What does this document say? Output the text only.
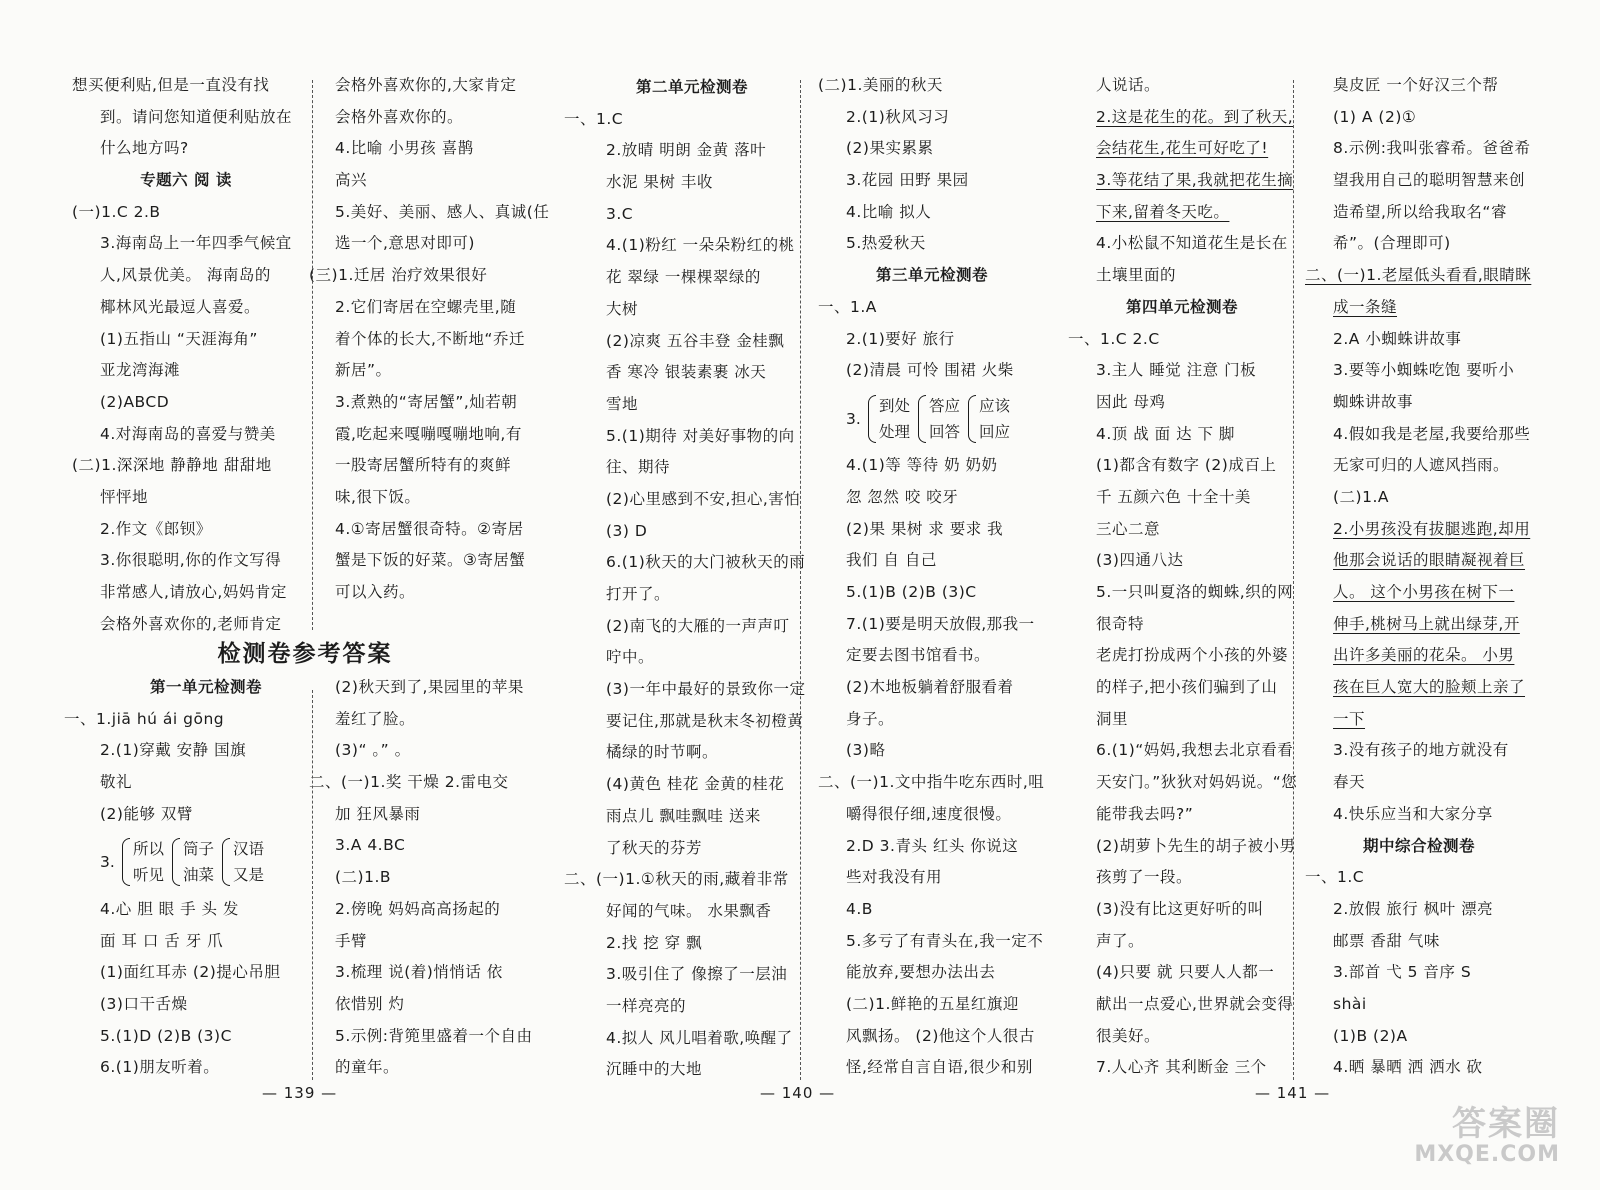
想买便利贴,但是一直没有找
到。请问您知道便利贴放在
什么地方吗?
专题六 阅 读
(一)1.C 2.B
3.海南岛上一年四季气候宜
人,风景优美。 海南岛的
椰林风光最逗人喜爱。
(1)五指山 “天涯海角”
亚龙湾海滩
(2)ABCD
4.对海南岛的喜爱与赞美
(二)1.深深地 静静地 甜甜地
怦怦地
2.作文《郎钡》
3.你很聪明,你的作文写得
非常感人,请放心,妈妈肯定
会格外喜欢你的,老师肯定
会格外喜欢你的,大家肯定
会格外喜欢你的。
4.比喻 小男孩 喜鹊
高兴
5.美好、美丽、感人、真诚(任
选一个,意思对即可)
(三)1.迁居 治疗效果很好
2.它们寄居在空螺壳里,随
着个体的长大,不断地“乔迁
新居”。
3.煮熟的“寄居蟹”,灿若朝
霞,吃起来嘎嘣嘎嘣地响,有
一股寄居蟹所特有的爽鲜
味,很下饭。
4.①寄居蟹很奇特。②寄居
蟹是下饭的好菜。③寄居蟹
可以入药。
检测卷参考答案
第一单元检测卷
一、1.jiā hú ái gōng
2.(1)穿戴 安静 国旗
敬礼
(2)能够 双臂
3.
所以
听见
筒子
油菜
汉语
又是
4.心 胆 眼 手 头 发
面 耳 口 舌 牙 爪
(1)面红耳赤 (2)提心吊胆
(3)口干舌燥
5.(1)D (2)B (3)C
6.(1)朋友听着。
(2)秋天到了,果园里的苹果
羞红了脸。
(3)“ 。” 。
二、(一)1.奖 干燥 2.雷电交
加 狂风暴雨
3.A 4.BC
(二)1.B
2.傍晚 妈妈高高扬起的
手臂
3.梳理 说(着)悄悄话 依
依惜别 灼
5.示例:背篼里盛着一个自由
的童年。
第二单元检测卷
一、1.C
2.放晴 明朗 金黄 落叶
水泥 果树 丰收
3.C
4.(1)粉红 一朵朵粉红的桃
花 翠绿 一棵棵翠绿的
大树
(2)凉爽 五谷丰登 金桂飘
香 寒冷 银装素裹 冰天
雪地
5.(1)期待 对美好事物的向
往、期待
(2)心里感到不安,担心,害怕
(3) D
6.(1)秋天的大门被秋天的雨
打开了。
(2)南飞的大雁的一声声叮
咛中。
(3)一年中最好的景致你一定
要记住,那就是秋末冬初橙黄
橘绿的时节啊。
(4)黄色 桂花 金黄的桂花
雨点儿 飘哇飘哇 送来
了秋天的芬芳
二、(一)1.①秋天的雨,藏着非常
好闻的气味。 水果飘香
2.找 挖 穿 飘
3.吸引住了 像擦了一层油
一样亮亮的
4.拟人 风儿唱着歌,唤醒了
沉睡中的大地
(二)1.美丽的秋天
2.(1)秋风习习
(2)果实累累
3.花园 田野 果园
4.比喻 拟人
5.热爱秋天
第三单元检测卷
一、1.A
2.(1)要好 旅行
(2)清晨 可怜 围裙 火柴
3.
到处
处理
答应
回答
应该
回应
4.(1)等 等待 奶 奶奶
忽 忽然 咬 咬牙
(2)果 果树 求 要求 我
我们 自 自己
5.(1)B (2)B (3)C
7.(1)要是明天放假,那我一
定要去图书馆看书。
(2)木地板躺着舒服看着
身子。
(3)略
二、(一)1.文中指牛吃东西时,咀
嚼得很仔细,速度很慢。
2.D 3.青头 红头 你说这
些对我没有用
4.B
5.多亏了有青头在,我一定不
能放弃,要想办法出去
(二)1.鲜艳的五星红旗迎
风飘扬。 (2)他这个人很古
怪,经常自言自语,很少和别
人说话。
2.这是花生的花。到了秋天,
会结花生,花生可好吃了!
3.等花结了果,我就把花生摘
下来,留着冬天吃。
4.小松鼠不知道花生是长在
土壤里面的
第四单元检测卷
一、1.C 2.C
3.主人 睡觉 注意 门板
因此 母鸡
4.顶 战 面 达 下 脚
(1)都含有数字 (2)成百上
千 五颜六色 十全十美
三心二意
(3)四通八达
5.一只叫夏洛的蜘蛛,织的网
很奇特
老虎打扮成两个小孩的外婆
的样子,把小孩们骗到了山
洞里
6.(1)“妈妈,我想去北京看看
天安门。”狄狄对妈妈说。“您
能带我去吗?”
(2)胡萝卜先生的胡子被小男
孩剪了一段。
(3)没有比这更好听的叫
声了。
(4)只要 就 只要人人都一
献出一点爱心,世界就会变得
很美好。
7.人心齐 其利断金 三个
臭皮匠 一个好汉三个帮
(1) A (2)①
8.示例:我叫张睿希。爸爸希
望我用自己的聪明智慧来创
造希望,所以给我取名“睿
希”。(合理即可)
二、(一)1.老屋低头看看,眼睛眯
成一条缝
2.A 小蜘蛛讲故事
3.要等小蜘蛛吃饱 要听小
蜘蛛讲故事
4.假如我是老屋,我要给那些
无家可归的人遮风挡雨。
(二)1.A
2.小男孩没有拔腿逃跑,却用
他那会说话的眼睛凝视着巨
人。 这个小男孩在树下一
伸手,桃树马上就出绿芽,开
出许多美丽的花朵。 小男
孩在巨人宽大的脸颊上亲了
一下
3.没有孩子的地方就没有
春天
4.快乐应当和大家分享
期中综合检测卷
一、1.C
2.放假 旅行 枫叶 漂亮
邮票 香甜 气味
3.部首 弋 5 音序 S
shài
(1)B (2)A
4.晒 暴晒 洒 洒水 砍
— 139 —	— 140 —	— 141 —
答案圈
MXQE.COM
